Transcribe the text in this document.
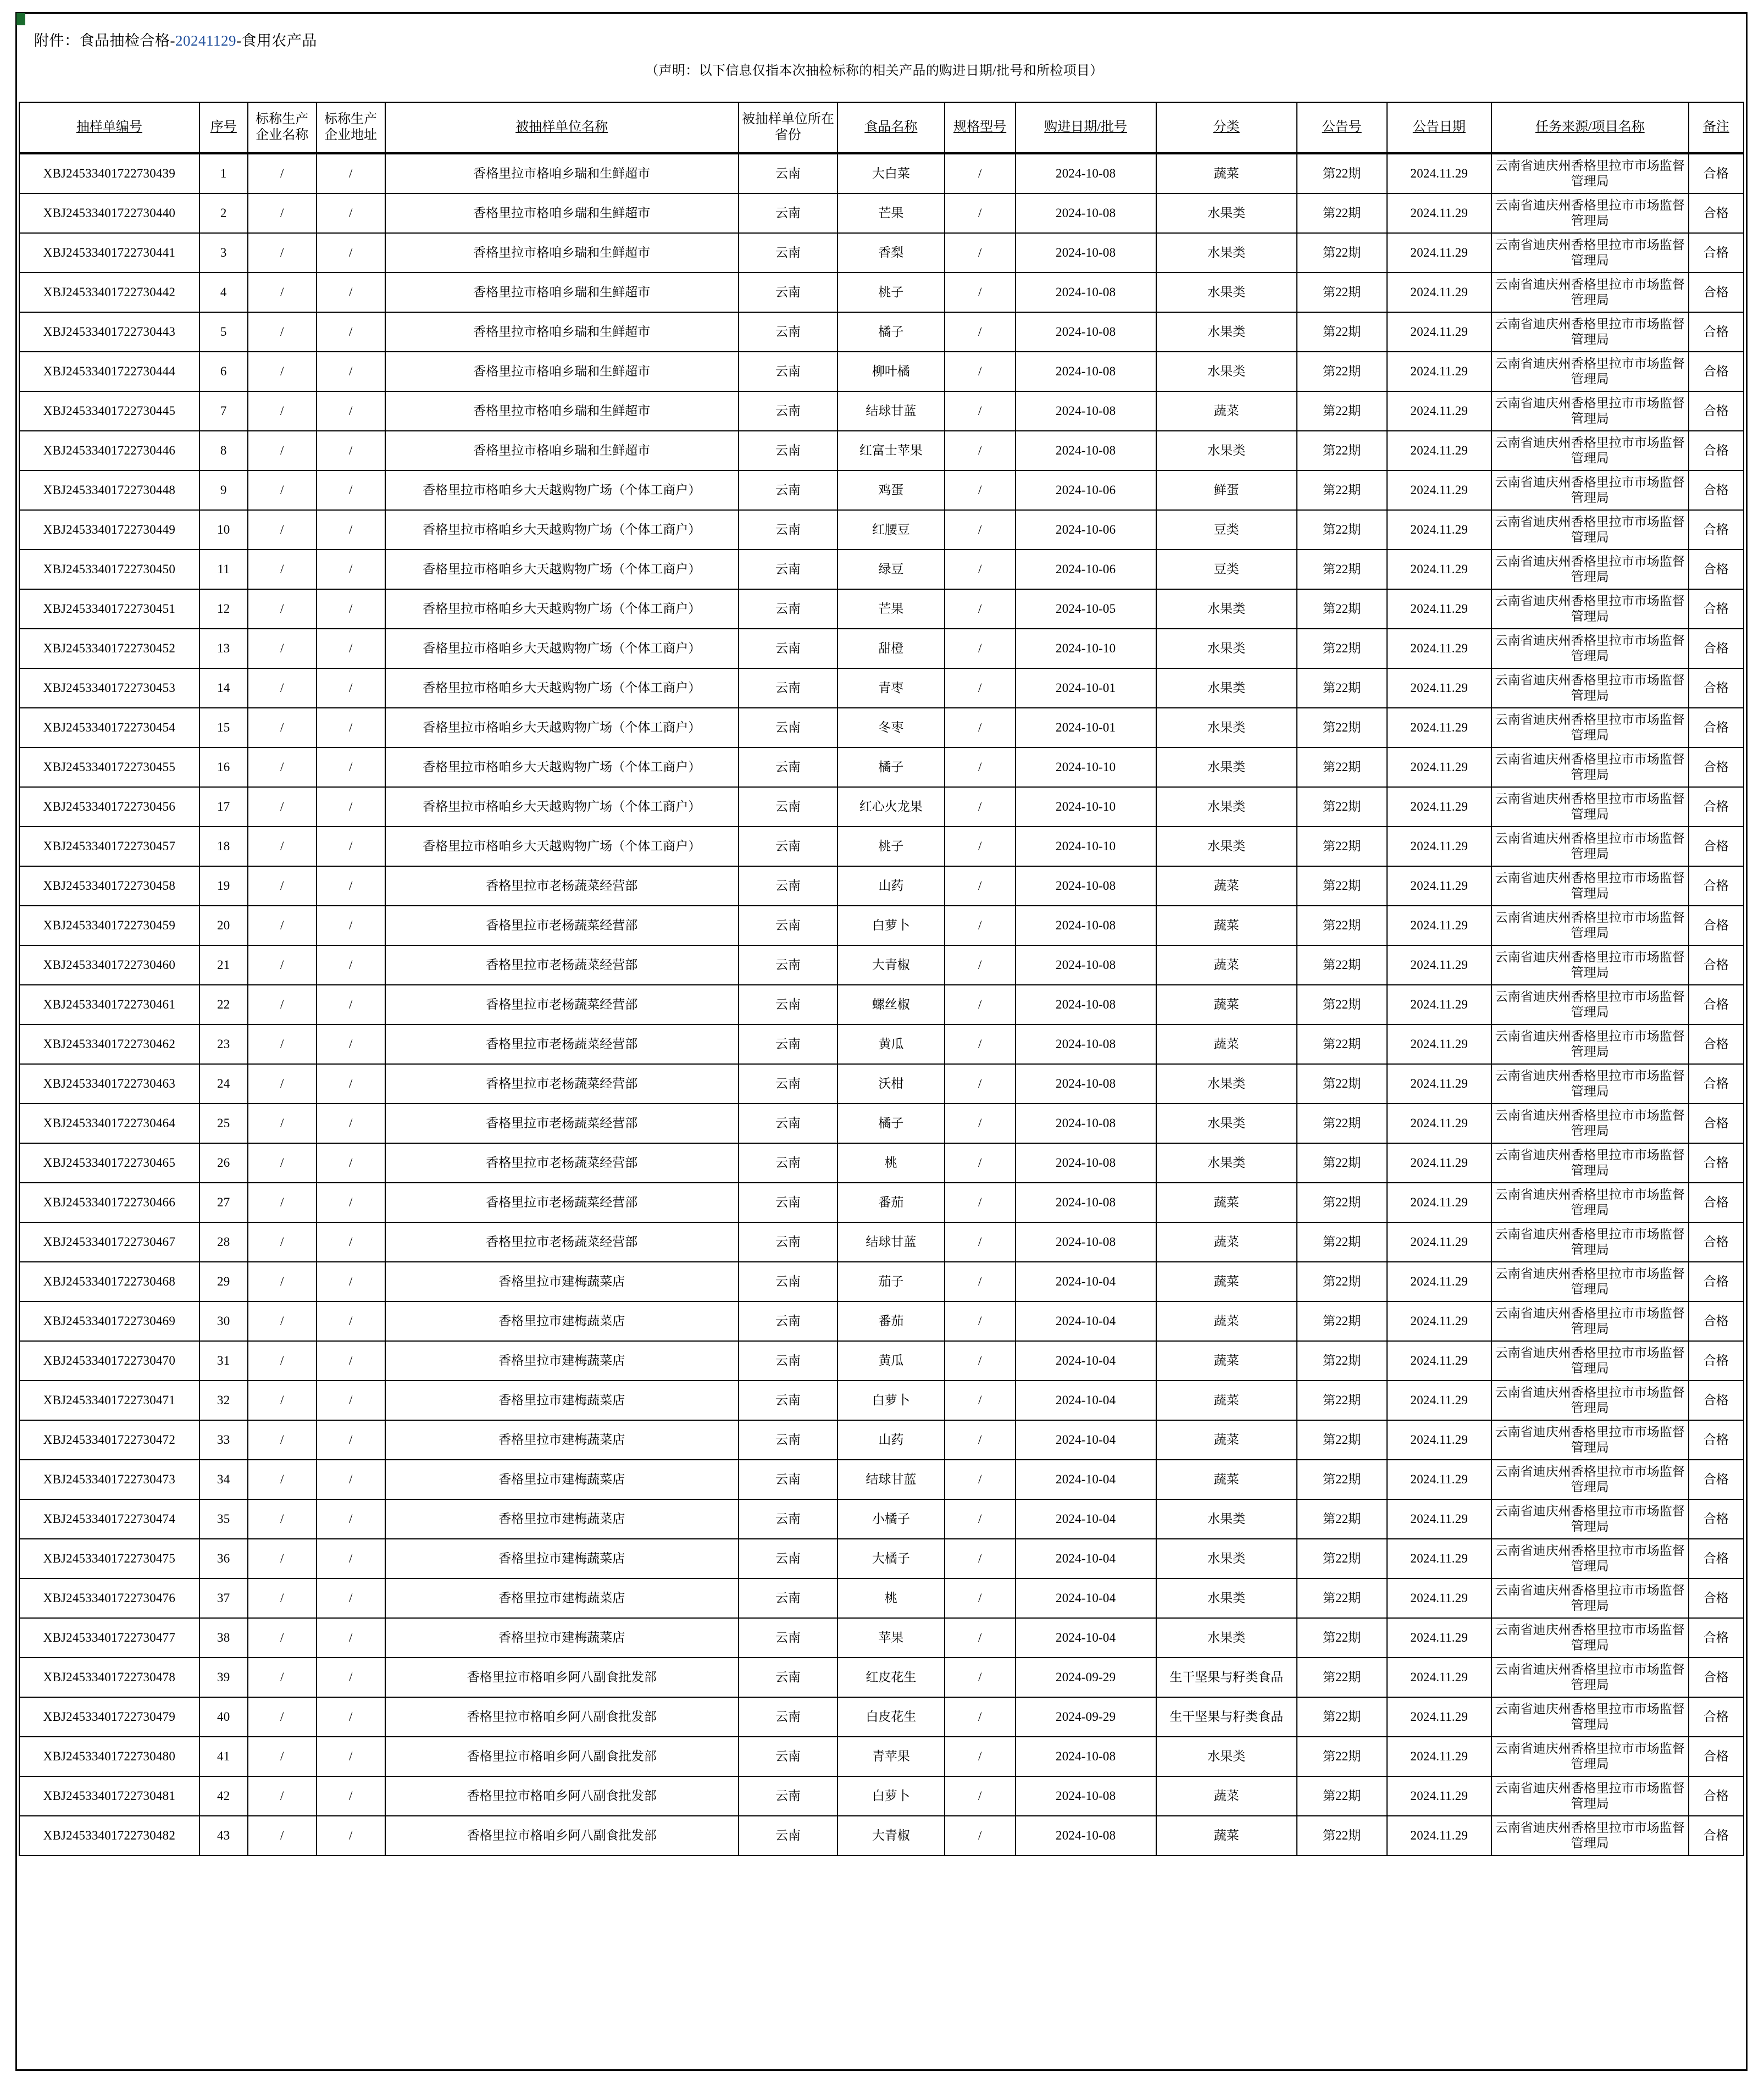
附件：食品抽检合格-20241129-食用农产品
（声明：以下信息仅指本次抽检标称的相关产品的购进日期/批号和所检项目）
抽样单编号	序号	标称生产企业名称	标称生产企业地址	被抽样单位名称	被抽样单位所在省份	食品名称	规格型号	购进日期/批号	分类	公告号	公告日期	任务来源/项目名称	备注
XBJ24533401722730439	1	/	/	香格里拉市格咱乡瑞和生鲜超市	云南	大白菜	/	2024-10-08	蔬菜	第22期	2024.11.29	云南省迪庆州香格里拉市市场监督管理局	合格
XBJ24533401722730440	2	/	/	香格里拉市格咱乡瑞和生鲜超市	云南	芒果	/	2024-10-08	水果类	第22期	2024.11.29	云南省迪庆州香格里拉市市场监督管理局	合格
XBJ24533401722730441	3	/	/	香格里拉市格咱乡瑞和生鲜超市	云南	香梨	/	2024-10-08	水果类	第22期	2024.11.29	云南省迪庆州香格里拉市市场监督管理局	合格
XBJ24533401722730442	4	/	/	香格里拉市格咱乡瑞和生鲜超市	云南	桃子	/	2024-10-08	水果类	第22期	2024.11.29	云南省迪庆州香格里拉市市场监督管理局	合格
XBJ24533401722730443	5	/	/	香格里拉市格咱乡瑞和生鲜超市	云南	橘子	/	2024-10-08	水果类	第22期	2024.11.29	云南省迪庆州香格里拉市市场监督管理局	合格
XBJ24533401722730444	6	/	/	香格里拉市格咱乡瑞和生鲜超市	云南	柳叶橘	/	2024-10-08	水果类	第22期	2024.11.29	云南省迪庆州香格里拉市市场监督管理局	合格
XBJ24533401722730445	7	/	/	香格里拉市格咱乡瑞和生鲜超市	云南	结球甘蓝	/	2024-10-08	蔬菜	第22期	2024.11.29	云南省迪庆州香格里拉市市场监督管理局	合格
XBJ24533401722730446	8	/	/	香格里拉市格咱乡瑞和生鲜超市	云南	红富士苹果	/	2024-10-08	水果类	第22期	2024.11.29	云南省迪庆州香格里拉市市场监督管理局	合格
XBJ24533401722730448	9	/	/	香格里拉市格咱乡大天越购物广场（个体工商户）	云南	鸡蛋	/	2024-10-06	鲜蛋	第22期	2024.11.29	云南省迪庆州香格里拉市市场监督管理局	合格
XBJ24533401722730449	10	/	/	香格里拉市格咱乡大天越购物广场（个体工商户）	云南	红腰豆	/	2024-10-06	豆类	第22期	2024.11.29	云南省迪庆州香格里拉市市场监督管理局	合格
XBJ24533401722730450	11	/	/	香格里拉市格咱乡大天越购物广场（个体工商户）	云南	绿豆	/	2024-10-06	豆类	第22期	2024.11.29	云南省迪庆州香格里拉市市场监督管理局	合格
XBJ24533401722730451	12	/	/	香格里拉市格咱乡大天越购物广场（个体工商户）	云南	芒果	/	2024-10-05	水果类	第22期	2024.11.29	云南省迪庆州香格里拉市市场监督管理局	合格
XBJ24533401722730452	13	/	/	香格里拉市格咱乡大天越购物广场（个体工商户）	云南	甜橙	/	2024-10-10	水果类	第22期	2024.11.29	云南省迪庆州香格里拉市市场监督管理局	合格
XBJ24533401722730453	14	/	/	香格里拉市格咱乡大天越购物广场（个体工商户）	云南	青枣	/	2024-10-01	水果类	第22期	2024.11.29	云南省迪庆州香格里拉市市场监督管理局	合格
XBJ24533401722730454	15	/	/	香格里拉市格咱乡大天越购物广场（个体工商户）	云南	冬枣	/	2024-10-01	水果类	第22期	2024.11.29	云南省迪庆州香格里拉市市场监督管理局	合格
XBJ24533401722730455	16	/	/	香格里拉市格咱乡大天越购物广场（个体工商户）	云南	橘子	/	2024-10-10	水果类	第22期	2024.11.29	云南省迪庆州香格里拉市市场监督管理局	合格
XBJ24533401722730456	17	/	/	香格里拉市格咱乡大天越购物广场（个体工商户）	云南	红心火龙果	/	2024-10-10	水果类	第22期	2024.11.29	云南省迪庆州香格里拉市市场监督管理局	合格
XBJ24533401722730457	18	/	/	香格里拉市格咱乡大天越购物广场（个体工商户）	云南	桃子	/	2024-10-10	水果类	第22期	2024.11.29	云南省迪庆州香格里拉市市场监督管理局	合格
XBJ24533401722730458	19	/	/	香格里拉市老杨蔬菜经营部	云南	山药	/	2024-10-08	蔬菜	第22期	2024.11.29	云南省迪庆州香格里拉市市场监督管理局	合格
XBJ24533401722730459	20	/	/	香格里拉市老杨蔬菜经营部	云南	白萝卜	/	2024-10-08	蔬菜	第22期	2024.11.29	云南省迪庆州香格里拉市市场监督管理局	合格
XBJ24533401722730460	21	/	/	香格里拉市老杨蔬菜经营部	云南	大青椒	/	2024-10-08	蔬菜	第22期	2024.11.29	云南省迪庆州香格里拉市市场监督管理局	合格
XBJ24533401722730461	22	/	/	香格里拉市老杨蔬菜经营部	云南	螺丝椒	/	2024-10-08	蔬菜	第22期	2024.11.29	云南省迪庆州香格里拉市市场监督管理局	合格
XBJ24533401722730462	23	/	/	香格里拉市老杨蔬菜经营部	云南	黄瓜	/	2024-10-08	蔬菜	第22期	2024.11.29	云南省迪庆州香格里拉市市场监督管理局	合格
XBJ24533401722730463	24	/	/	香格里拉市老杨蔬菜经营部	云南	沃柑	/	2024-10-08	水果类	第22期	2024.11.29	云南省迪庆州香格里拉市市场监督管理局	合格
XBJ24533401722730464	25	/	/	香格里拉市老杨蔬菜经营部	云南	橘子	/	2024-10-08	水果类	第22期	2024.11.29	云南省迪庆州香格里拉市市场监督管理局	合格
XBJ24533401722730465	26	/	/	香格里拉市老杨蔬菜经营部	云南	桃	/	2024-10-08	水果类	第22期	2024.11.29	云南省迪庆州香格里拉市市场监督管理局	合格
XBJ24533401722730466	27	/	/	香格里拉市老杨蔬菜经营部	云南	番茄	/	2024-10-08	蔬菜	第22期	2024.11.29	云南省迪庆州香格里拉市市场监督管理局	合格
XBJ24533401722730467	28	/	/	香格里拉市老杨蔬菜经营部	云南	结球甘蓝	/	2024-10-08	蔬菜	第22期	2024.11.29	云南省迪庆州香格里拉市市场监督管理局	合格
XBJ24533401722730468	29	/	/	香格里拉市建梅蔬菜店	云南	茄子	/	2024-10-04	蔬菜	第22期	2024.11.29	云南省迪庆州香格里拉市市场监督管理局	合格
XBJ24533401722730469	30	/	/	香格里拉市建梅蔬菜店	云南	番茄	/	2024-10-04	蔬菜	第22期	2024.11.29	云南省迪庆州香格里拉市市场监督管理局	合格
XBJ24533401722730470	31	/	/	香格里拉市建梅蔬菜店	云南	黄瓜	/	2024-10-04	蔬菜	第22期	2024.11.29	云南省迪庆州香格里拉市市场监督管理局	合格
XBJ24533401722730471	32	/	/	香格里拉市建梅蔬菜店	云南	白萝卜	/	2024-10-04	蔬菜	第22期	2024.11.29	云南省迪庆州香格里拉市市场监督管理局	合格
XBJ24533401722730472	33	/	/	香格里拉市建梅蔬菜店	云南	山药	/	2024-10-04	蔬菜	第22期	2024.11.29	云南省迪庆州香格里拉市市场监督管理局	合格
XBJ24533401722730473	34	/	/	香格里拉市建梅蔬菜店	云南	结球甘蓝	/	2024-10-04	蔬菜	第22期	2024.11.29	云南省迪庆州香格里拉市市场监督管理局	合格
XBJ24533401722730474	35	/	/	香格里拉市建梅蔬菜店	云南	小橘子	/	2024-10-04	水果类	第22期	2024.11.29	云南省迪庆州香格里拉市市场监督管理局	合格
XBJ24533401722730475	36	/	/	香格里拉市建梅蔬菜店	云南	大橘子	/	2024-10-04	水果类	第22期	2024.11.29	云南省迪庆州香格里拉市市场监督管理局	合格
XBJ24533401722730476	37	/	/	香格里拉市建梅蔬菜店	云南	桃	/	2024-10-04	水果类	第22期	2024.11.29	云南省迪庆州香格里拉市市场监督管理局	合格
XBJ24533401722730477	38	/	/	香格里拉市建梅蔬菜店	云南	苹果	/	2024-10-04	水果类	第22期	2024.11.29	云南省迪庆州香格里拉市市场监督管理局	合格
XBJ24533401722730478	39	/	/	香格里拉市格咱乡阿八副食批发部	云南	红皮花生	/	2024-09-29	生干坚果与籽类食品	第22期	2024.11.29	云南省迪庆州香格里拉市市场监督管理局	合格
XBJ24533401722730479	40	/	/	香格里拉市格咱乡阿八副食批发部	云南	白皮花生	/	2024-09-29	生干坚果与籽类食品	第22期	2024.11.29	云南省迪庆州香格里拉市市场监督管理局	合格
XBJ24533401722730480	41	/	/	香格里拉市格咱乡阿八副食批发部	云南	青苹果	/	2024-10-08	水果类	第22期	2024.11.29	云南省迪庆州香格里拉市市场监督管理局	合格
XBJ24533401722730481	42	/	/	香格里拉市格咱乡阿八副食批发部	云南	白萝卜	/	2024-10-08	蔬菜	第22期	2024.11.29	云南省迪庆州香格里拉市市场监督管理局	合格
XBJ24533401722730482	43	/	/	香格里拉市格咱乡阿八副食批发部	云南	大青椒	/	2024-10-08	蔬菜	第22期	2024.11.29	云南省迪庆州香格里拉市市场监督管理局	合格
